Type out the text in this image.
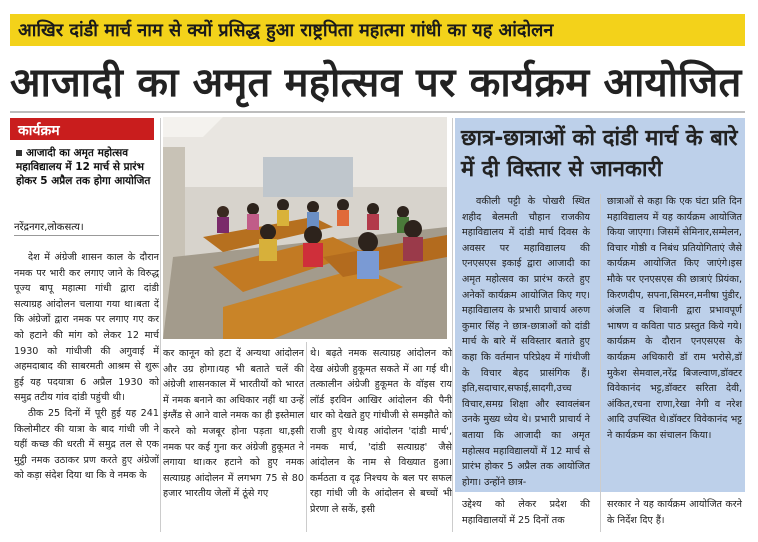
आखिर दांडी मार्च नाम से क्यों प्रसिद्ध हुआ राष्ट्रपिता महात्मा गांधी का यह आंदोलन
आजादी का अमृत महोत्सव पर कार्यक्रम आयोजित
कार्यक्रम
आजादी का अमृत महोत्सव महाविद्यालय में 12 मार्च से प्रारंभ होकर 5 अप्रैल तक होगा आयोजित
नरेंद्रनगर,लोकसत्य।

देश में अंग्रेजी शासन काल के दौरान नमक पर भारी कर लगाए जाने के विरुद्ध पूज्य बापू महात्मा गांधी द्वारा दांडी सत्याग्रह आंदोलन चलाया गया था।बता दें कि अंग्रेजों द्वारा नमक पर लगाए गए कर को हटाने की मांग को लेकर 12 मार्च 1930 को गांधीजी की अगुवाई में अहमदाबाद की साबरमती आश्रम से शुरू हुई यह पदयात्रा 6 अप्रैल 1930 को समुद्र तटीय गांव दांडी पहुंची थी।

ठीक 25 दिनों में पूरी हुई यह 241 किलोमीटर की यात्रा के बाद गांधी जी ने यहीं कच्छ की धरती में समुद्र तल से एक मुट्ठी नमक उठाकर प्रण करते हुए अंग्रेजों को कड़ा संदेश दिया था कि वे नमक के

कर कानून को हटा दें अन्यथा आंदोलन और उग्र होगा।यह भी बताते चलें की अंग्रेजी शासनकाल में भारतीयों को भारत में नमक बनाने का अधिकार नहीं था उन्हें इंग्लैंड से आने वाले नमक का ही इस्तेमाल करने को मजबूर होना पड़ता था,इसी नमक पर कई गुना कर अंग्रेजी हुकूमत ने लगाया था।कर हटाने को हुए नमक सत्याग्रह आंदोलन में लगभग 75 से 80 हजार भारतीय जेलों में ठूंसे गए

थे। बढ़ते नमक सत्याग्रह आंदोलन को देख अंग्रेजी हुकूमत सकते में आ गई थी। तत्कालीन अंग्रेजी हुकूमत के वॉइस राय लॉर्ड इरविन आखिर आंदोलन की पैनी धार को देखते हुए गांधीजी से समझौते को राजी हुए थे।यह आंदोलन 'दांडी मार्च', नमक मार्च, 'दांडी सत्याग्रह' जैसे आंदोलन के नाम से विख्यात हुआ।कर्मठता व दृढ़ निश्चय के बल पर सफल रहा गांधी जी के आंदोलन से बच्चों भी प्रेरणा ले सकें, इसी

छात्र-छात्राओं को दांडी मार्च के बारे में दी विस्तार से जानकारी

वकीली पट्टी के पोखरी स्थित शहीद बेलमती चौहान राजकीय महाविद्यालय में दांडी मार्च दिवस के अवसर पर महाविद्यालय की एनएसएस इकाई द्वारा आजादी का अमृत महोत्सव का प्रारंभ करते हुए अनेकों कार्यक्रम आयोजित किए गए। महाविद्यालय के प्रभारी प्राचार्य अरुण कुमार सिंह ने छात्र-छात्राओं को दांडी मार्च के बारे में सविस्तार बताते हुए कहा कि वर्तमान परिप्रेक्ष्य में गांधीजी के विचार बेहद प्रासंगिक हैं। इति,सदाचार,सफाई,सादगी,उच्च विचार,समग्र शिक्षा और स्वावलंबन उनके मुख्य ध्येय थे। प्रभारी प्राचार्य ने बताया कि आजादी का अमृत महोत्सव महाविद्यालयों में 12 मार्च से प्रारंभ होकर 5 अप्रैल तक आयोजित होगा। उन्होंने छात्र-

छात्राओं से कहा कि एक घंटा प्रति दिन महाविद्यालय में यह कार्यक्रम आयोजित किया जाएगा। जिसमें सेमिनार,सम्मेलन, विचार गोष्ठी व निबंध प्रतियोगिताएं जैसे कार्यक्रम आयोजित किए जाएंगे।इस मौके पर एनएसएस की छात्राएं प्रियंका, किरणदीप, सपना,सिमरन,मनीषा पुंडीर, अंजलि व शिवानी द्वारा प्रभावपूर्ण भाषण व कविता पाठ प्रस्तुत किये गये। कार्यक्रम के दौरान एनएसएस के कार्यक्रम अधिकारी डॉ राम भरोसे,डॉ मुकेश सेमवाल,नरेंद्र बिजल्वाण,डॉक्टर विवेकानंद भट्ट,डॉक्टर सरिता देवी, अंकित,रचना राणा,रेखा नेगी व नरेश आदि उपस्थित थे।डॉक्टर विवेकानंद भट्ट ने कार्यक्रम का संचालन किया।

उद्देश्य को लेकर प्रदेश की महाविद्यालयों में 25 दिनों तक

सरकार ने यह कार्यक्रम आयोजित करने के निर्देश दिए हैं।
